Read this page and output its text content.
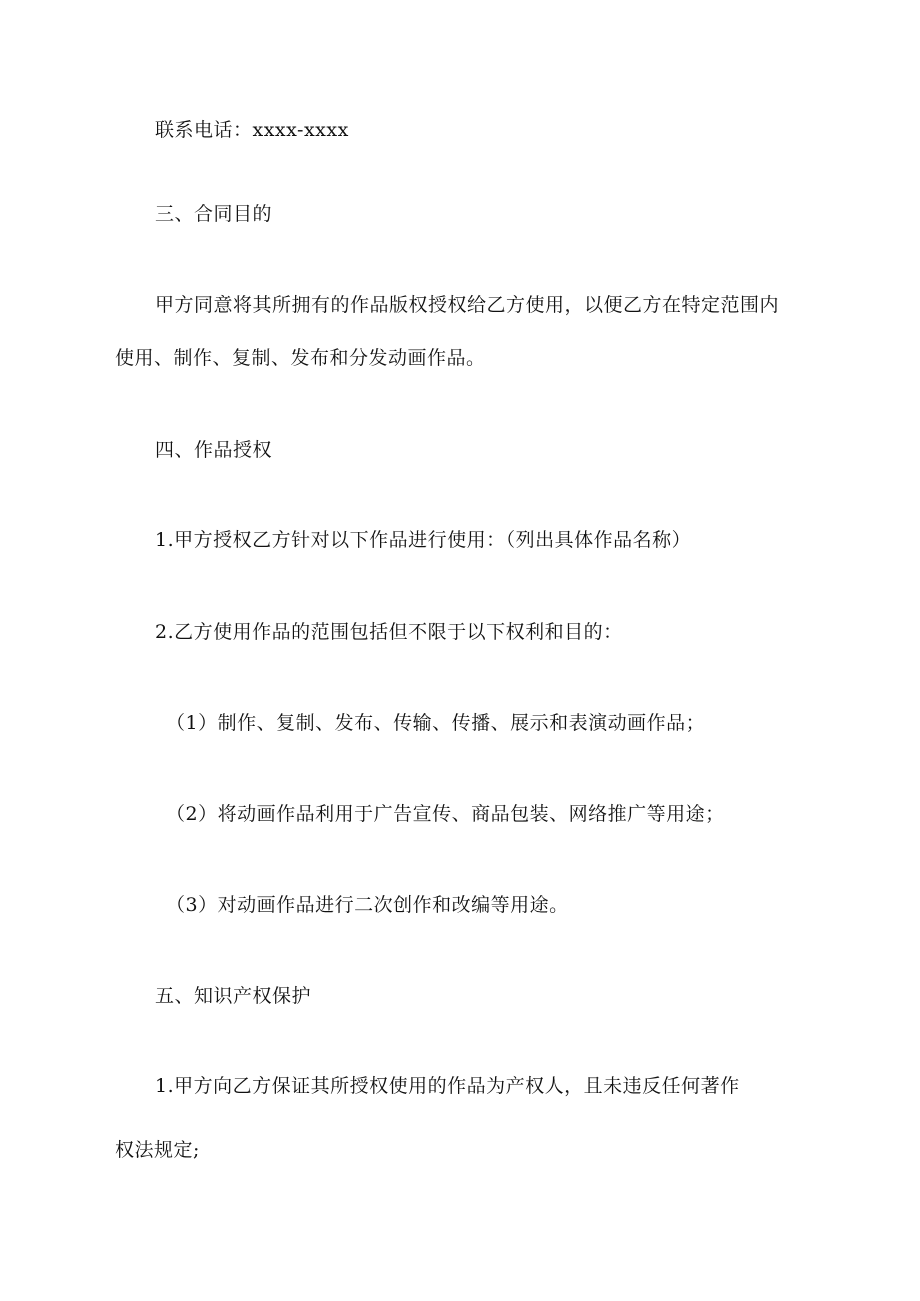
联系电话：xxxx-xxxx
三、合同目的
甲方同意将其所拥有的作品版权授权给乙方使用，以便乙方在特定范围内
使用、制作、复制、发布和分发动画作品。
四、作品授权
1.甲方授权乙方针对以下作品进行使用：（列出具体作品名称）
2.乙方使用作品的范围包括但不限于以下权利和目的：
（1）制作、复制、发布、传输、传播、展示和表演动画作品；
（2）将动画作品利用于广告宣传、商品包装、网络推广等用途；
（3）对动画作品进行二次创作和改编等用途。
五、知识产权保护
1.甲方向乙方保证其所授权使用的作品为产权人，且未违反任何著作
权法规定;
